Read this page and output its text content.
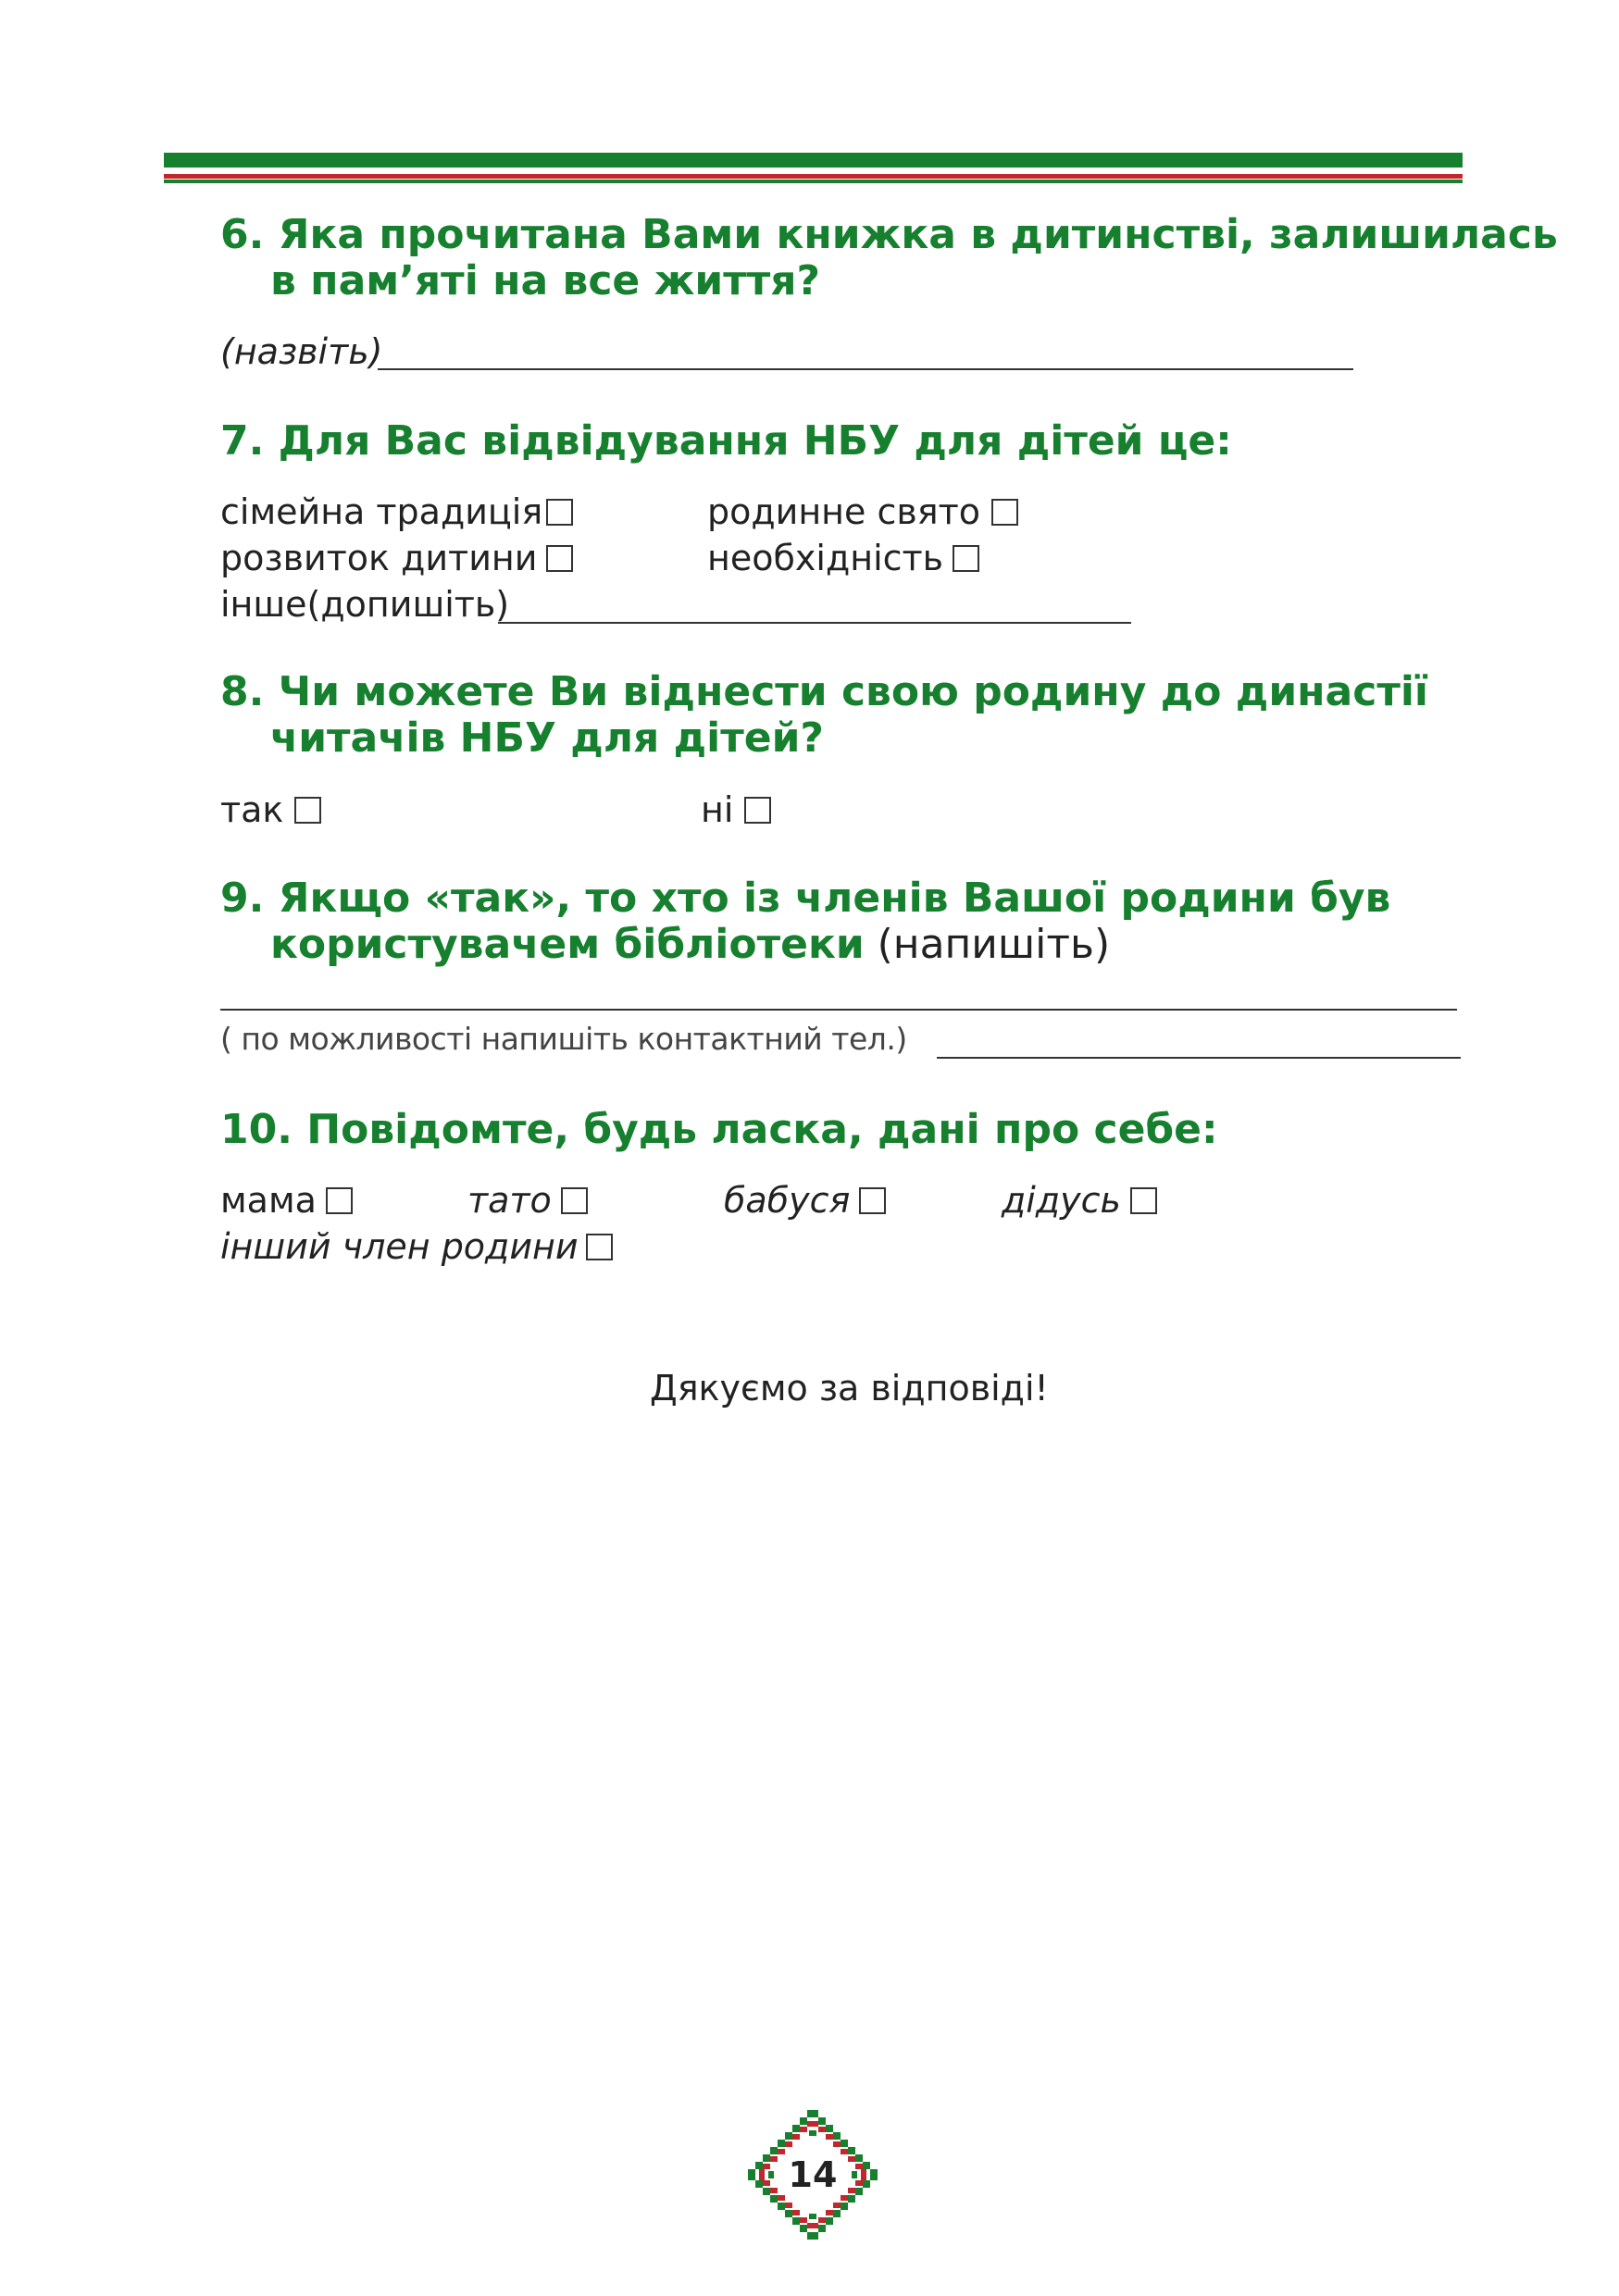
6. Яка прочитана Вами книжка в дитинстві, залишилась
в пам’яті на все життя?
(назвіть)
7. Для Вас відвідування НБУ для дітей це:
сімейна традиція	родинне свято
розвиток дитини	необхідність
інше(допишіть)
8. Чи можете Ви віднести свою родину до династії
читачів НБУ для дітей?
так	ні
9. Якщо «так», то хто із членів Вашої родини був
користувачем бібліотеки (напишіть)
( по можливості напишіть контактний тел.)
10. Повідомте, будь ласка, дані про себе:
мама	тато	бабуся	дідусь
інший член родини
Дякуємо за відповіді!
14
